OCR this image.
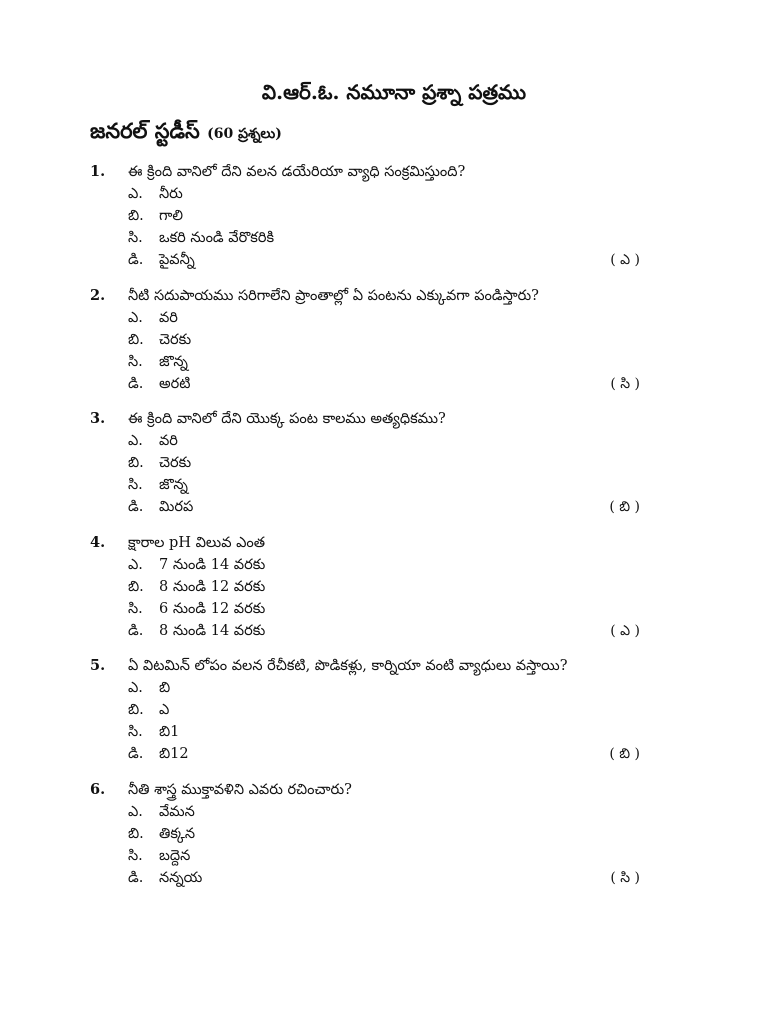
వి.ఆర్.ఓ. నమూనా ప్రశ్నా పత్రము
జనరల్ స్టడీస్ (60 ప్రశ్నలు)
1.	ఈ క్రింది వానిలో దేని వలన డయేరియా వ్యాధి సంక్రమిస్తుంది?
ఎ.	నీరు
బి.	గాలి
సి.	ఒకరి నుండి వేరొకరికి
డి.	పైవన్నీ	( ఎ )
2.	నీటి సదుపాయము సరిగాలేని ప్రాంతాల్లో ఏ పంటను ఎక్కువగా పండిస్తారు?
ఎ.	వరి
బి.	చెరకు
సి.	జొన్న
డి.	అరటి	( సి )
3.	ఈ క్రింది వానిలో దేని యొక్క పంట కాలము అత్యధికము?
ఎ.	వరి
బి.	చెరకు
సి.	జొన్న
డి.	మిరప	( బి )
4.	క్షారాల pH విలువ ఎంత
ఎ.	7 నుండి 14 వరకు
బి.	8 నుండి 12 వరకు
సి.	6 నుండి 12 వరకు
డి.	8 నుండి 14 వరకు	( ఎ )
5.	ఏ విటమిన్ లోపం వలన రేచీకటి, పొడికళ్లు, కార్నియా వంటి వ్యాధులు వస్తాయి?
ఎ.	బి
బి.	ఎ
సి.	బి1
డి.	బి12	( బి )
6.	నీతి శాస్త్ర ముక్తావళిని ఎవరు రచించారు?
ఎ.	వేమన
బి.	తిక్కన
సి.	బద్దెన
డి.	నన్నయ	( సి )
